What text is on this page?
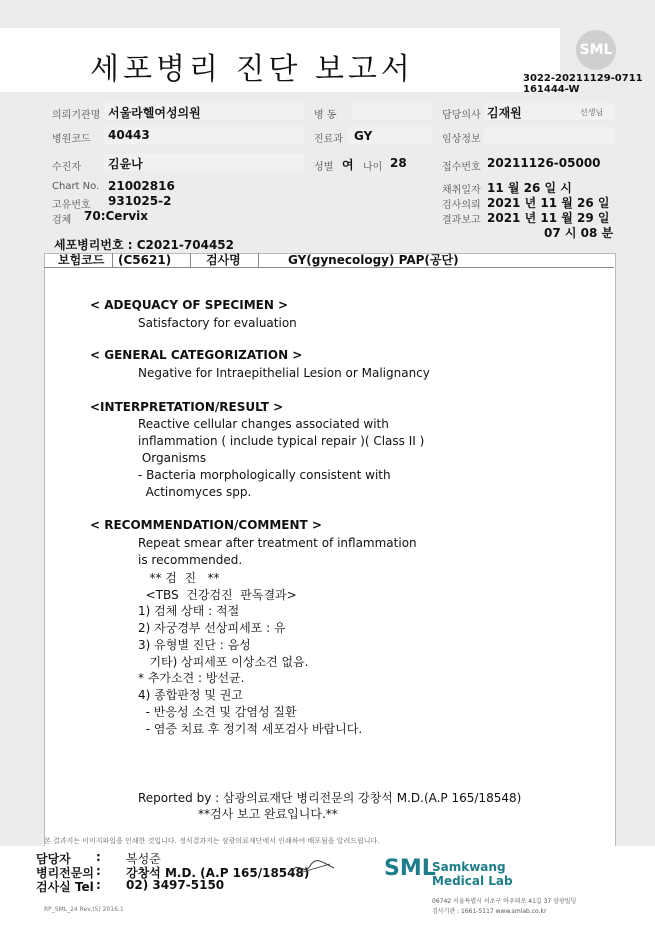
세포병리 진단 보고서
SML
3022-20211129-0711
161444-W
의뢰기관명 서울라헬여성의원	병 동	담당의사 김재원	선생님
병원코드 40443	진료과 GY	임상정보
수진자 김윤나	성별 여 나이 28	접수번호 20211126-05000
Chart No. 21002816
고유번호 931025-2
검체 70:Cervix
채취일자 11 월 26 일 시
검사의뢰 2021 년 11 월 26 일
결과보고 2021 년 11 월 29 일
07 시 08 분
세포병리번호 : C2021-704452
보험코드 (C5621)	검사명	GY(gynecology) PAP(공단)
< ADEQUACY OF SPECIMEN >
Satisfactory for evaluation
< GENERAL CATEGORIZATION >
Negative for Intraepithelial Lesion or Malignancy
<INTERPRETATION/RESULT >
Reactive cellular changes associated with
inflammation ( include typical repair )( Class II )
Organisms
- Bacteria morphologically consistent with
Actinomyces spp.
< RECOMMENDATION/COMMENT >
Repeat smear after treatment of inflammation
is recommended.
** 검  진   **
<TBS  건강검진  판독결과>
1) 검체 상태 : 적절
2) 자궁경부 선상피세포 : 유
3) 유형별 진단 : 음성
기타) 상피세포 이상소견 없음.
* 추가소견 : 방선균.
4) 종합판정 및 권고
- 반응성 소견 및 감염성 질환
- 염증 치료 후 정기적 세포검사 바랍니다.
Reported by : 삼광의료재단 병리전문의 강창석 M.D.(A.P 165/18548)
**검사 보고 완료입니다.**
본 결과지는 이미지파일을 인쇄한 것입니다. 정식결과지는 삼광의료재단에서 인쇄하여 배포됨을 알려드립니다.
담당자 : 복성준
병리전문의 : 강창석 M.D. (A.P 165/18548)
검사실 Tel : 02) 3497-5150
RP_SML_24 Rev.(5) 2016.1
SML
Samkwang
Medical Lab
06742 서울특별시 서초구 바우뫼로 41길 37 삼광빌딩
검사기관 : 1661-5117 www.smlab.co.kr
